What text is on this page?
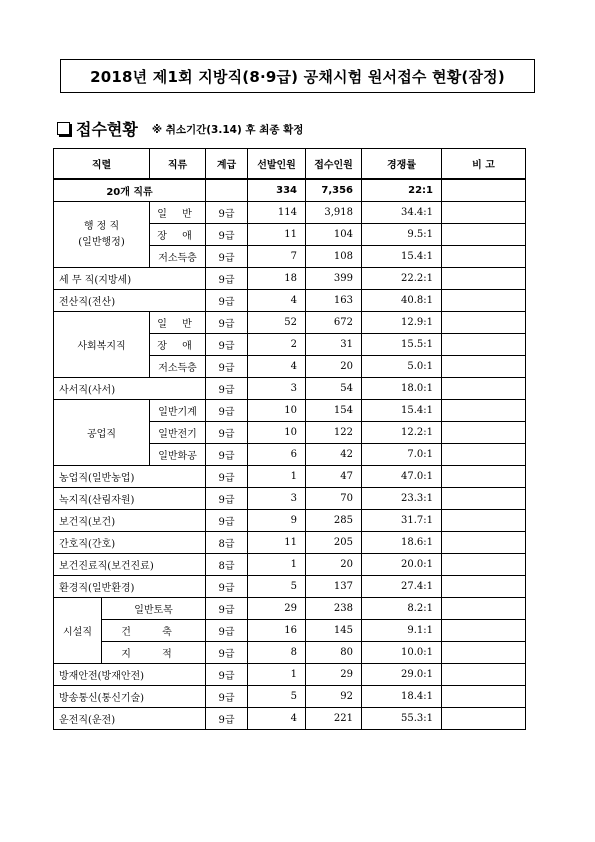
2018년 제1회 지방직(8·9급) 공채시험 원서접수 현황(잠정)
접수현황 ※ 취소기간(3.14) 후 최종 확정
직렬		직류	계급	선발인원	접수인원	경쟁률	비 고
20개 직류				334	7,356	22:1	
행 정 직
(일반행정)		일 반	9급	114	3,918	34.4:1	
		장 애	9급	11	104	9.5:1	
		저소득층	9급	7	108	15.4:1	
세 무 직(지방세)			9급	18	399	22.2:1	
전산직(전산)			9급	4	163	40.8:1	
사회복지직		일 반	9급	52	672	12.9:1	
		장 애	9급	2	31	15.5:1	
		저소득층	9급	4	20	5.0:1	
사서직(사서)			9급	3	54	18.0:1	
공업직		일반기계	9급	10	154	15.4:1	
		일반전기	9급	10	122	12.2:1	
		일반화공	9급	6	42	7.0:1	
농업직(일반농업)			9급	1	47	47.0:1	
녹지직(산림자원)			9급	3	70	23.3:1	
보건직(보건)			9급	9	285	31.7:1	
간호직(간호)			8급	11	205	18.6:1	
보건진료직(보건진료)			8급	1	20	20.0:1	
환경직(일반환경)			9급	5	137	27.4:1	
시설직	일반토목		9급	29	238	8.2:1	
	건 축		9급	16	145	9.1:1	
	지 적		9급	8	80	10.0:1	
방재안전(방재안전)			9급	1	29	29.0:1	
방송통신(통신기술)			9급	5	92	18.4:1	
운전직(운전)			9급	4	221	55.3:1	
